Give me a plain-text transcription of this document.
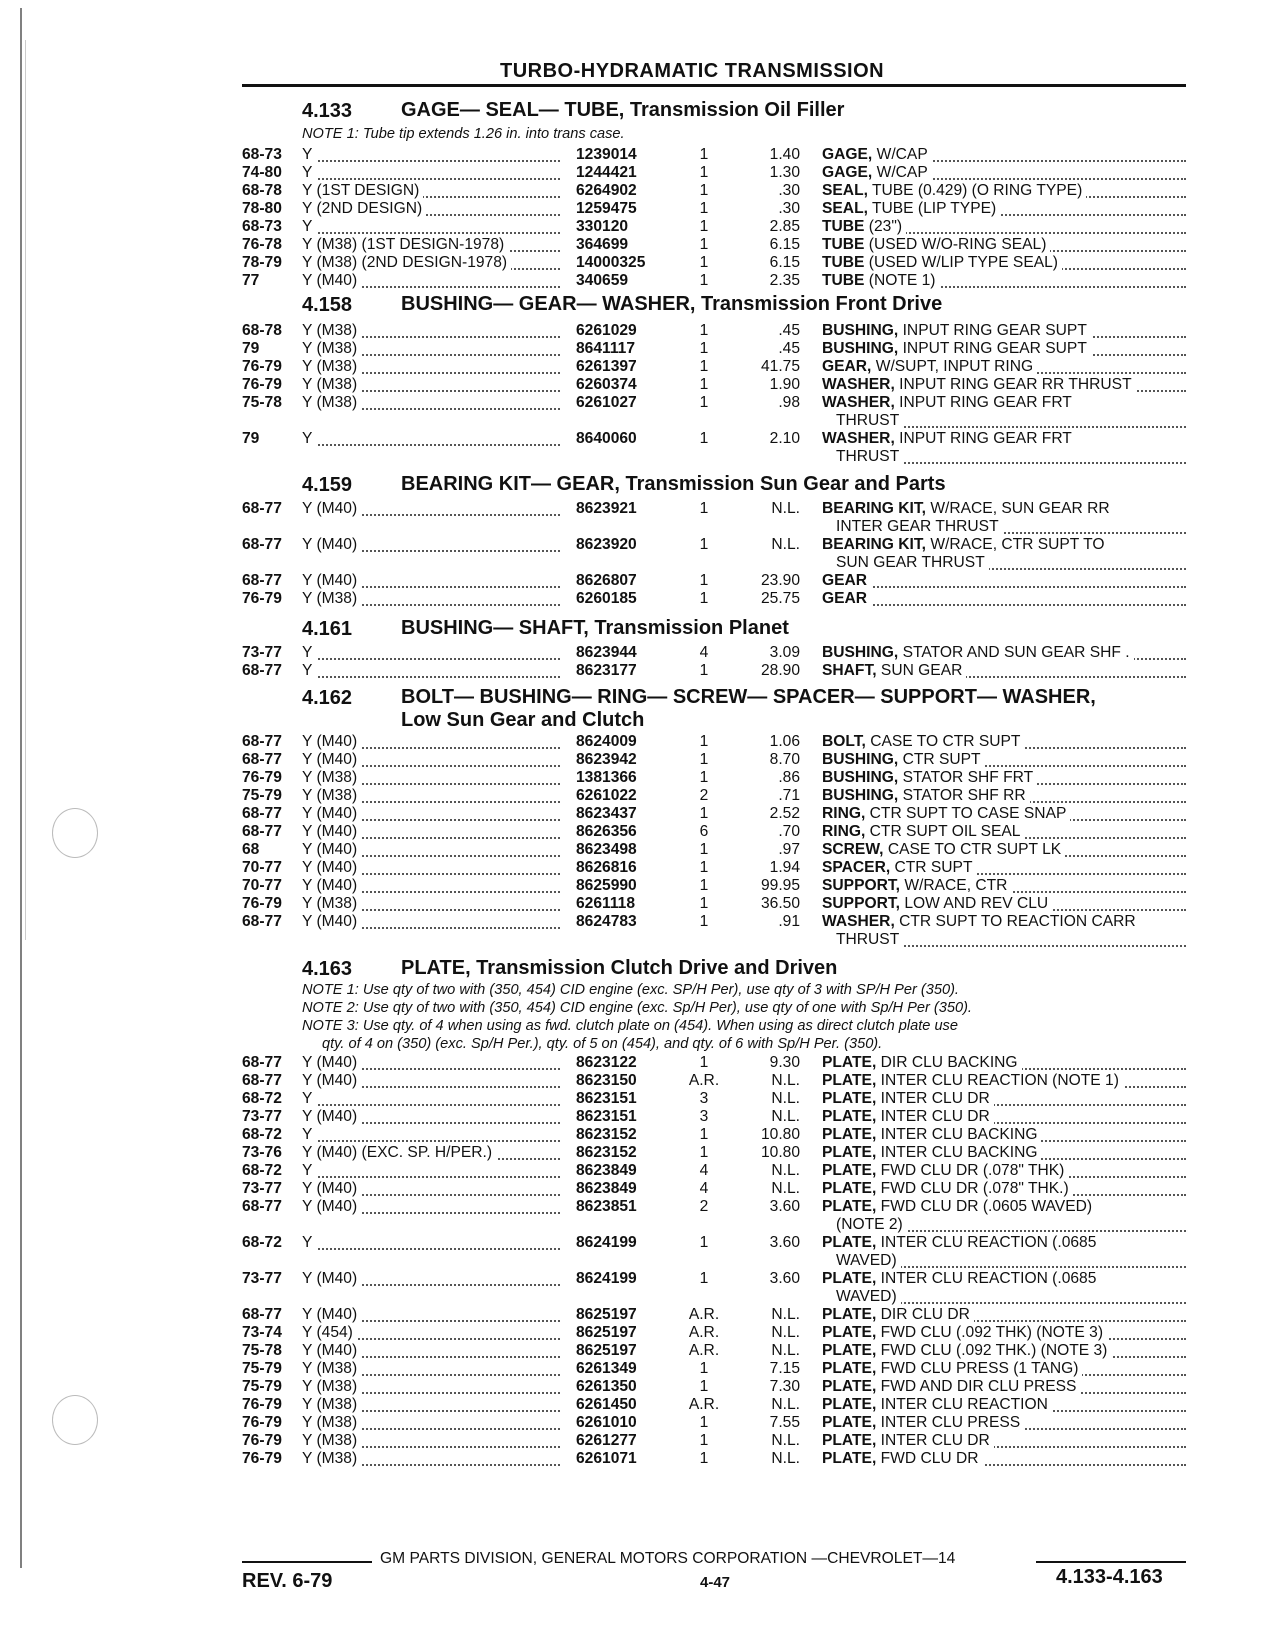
TURBO-HYDRAMATIC TRANSMISSION
4.133 GAGE— SEAL— TUBE, Transmission Oil Filler
NOTE 1: Tube tip extends 1.26 in. into trans case.
68-73 Y	1239014	1	1.40 GAGE, W/CAP
74-80 Y	1244421	1	1.30 GAGE, W/CAP
68-78 Y (1ST DESIGN)	6264902	1	.30 SEAL, TUBE (0.429) (O RING TYPE)
78-80 Y (2ND DESIGN)	1259475	1	.30 SEAL, TUBE (LIP TYPE)
68-73 Y	330120	1	2.85 TUBE (23")
76-78 Y (M38) (1ST DESIGN-1978)	364699	1	6.15 TUBE (USED W/O-RING SEAL)
78-79 Y (M38) (2ND DESIGN-1978)	14000325	1	6.15 TUBE (USED W/LIP TYPE SEAL)
77	Y (M40)	340659	1	2.35 TUBE (NOTE 1)
4.158 BUSHING— GEAR— WASHER, Transmission Front Drive
68-78 Y (M38)	6261029	1	.45 BUSHING, INPUT RING GEAR SUPT
79	Y (M38)	8641117	1	.45 BUSHING, INPUT RING GEAR SUPT
76-79 Y (M38)	6261397	1	41.75 GEAR, W/SUPT, INPUT RING
76-79 Y (M38)	6260374	1	1.90 WASHER, INPUT RING GEAR RR THRUST
75-78 Y (M38)	6261027	1	.98 WASHER, INPUT RING GEAR FRT
THRUST
79	Y	8640060	1	2.10 WASHER, INPUT RING GEAR FRT
THRUST
4.159 BEARING KIT— GEAR, Transmission Sun Gear and Parts
68-77 Y (M40)	8623921	1	N.L. BEARING KIT, W/RACE, SUN GEAR RR
INTER GEAR THRUST
68-77 Y (M40)	8623920	1	N.L. BEARING KIT, W/RACE, CTR SUPT TO
SUN GEAR THRUST
68-77 Y (M40)	8626807	1	23.90 GEAR
76-79 Y (M38)	6260185	1	25.75 GEAR
4.161 BUSHING— SHAFT, Transmission Planet
73-77 Y	8623944	4	3.09 BUSHING, STATOR AND SUN GEAR SHF .
68-77 Y	8623177	1	28.90 SHAFT, SUN GEAR
4.162 BOLT— BUSHING— RING— SCREW— SPACER— SUPPORT— WASHER,
Low Sun Gear and Clutch
68-77 Y (M40)	8624009	1	1.06 BOLT, CASE TO CTR SUPT
68-77 Y (M40)	8623942	1	8.70 BUSHING, CTR SUPT
76-79 Y (M38)	1381366	1	.86 BUSHING, STATOR SHF FRT
75-79 Y (M38)	6261022	2	.71 BUSHING, STATOR SHF RR
68-77 Y (M40)	8623437	1	2.52 RING, CTR SUPT TO CASE SNAP
68-77 Y (M40)	8626356	6	.70 RING, CTR SUPT OIL SEAL
68	Y (M40)	8623498	1	.97 SCREW, CASE TO CTR SUPT LK
70-77 Y (M40)	8626816	1	1.94 SPACER, CTR SUPT
70-77 Y (M40)	8625990	1	99.95 SUPPORT, W/RACE, CTR
76-79 Y (M38)	6261118	1	36.50 SUPPORT, LOW AND REV CLU
68-77 Y (M40)	8624783	1	.91 WASHER, CTR SUPT TO REACTION CARR
THRUST
4.163 PLATE, Transmission Clutch Drive and Driven
NOTE 1: Use qty of two with (350, 454) CID engine (exc. SP/H Per), use qty of 3 with SP/H Per (350).
NOTE 2: Use qty of two with (350, 454) CID engine (exc. Sp/H Per), use qty of one with Sp/H Per (350).
NOTE 3: Use qty. of 4 when using as fwd. clutch plate on (454). When using as direct clutch plate use
qty. of 4 on (350) (exc. Sp/H Per.), qty. of 5 on (454), and qty. of 6 with Sp/H Per. (350).
68-77 Y (M40)	8623122	1	9.30 PLATE, DIR CLU BACKING
68-77 Y (M40)	8623150	A.R.	N.L. PLATE, INTER CLU REACTION (NOTE 1)
68-72 Y	8623151	3	N.L. PLATE, INTER CLU DR
73-77 Y (M40)	8623151	3	N.L. PLATE, INTER CLU DR
68-72 Y	8623152	1	10.80 PLATE, INTER CLU BACKING
73-76 Y (M40) (EXC. SP. H/PER.)	8623152	1	10.80 PLATE, INTER CLU BACKING
68-72 Y	8623849	4	N.L. PLATE, FWD CLU DR (.078" THK)
73-77 Y (M40)	8623849	4	N.L. PLATE, FWD CLU DR (.078" THK.)
68-77 Y (M40)	8623851	2	3.60 PLATE, FWD CLU DR (.0605 WAVED)
(NOTE 2)
68-72 Y	8624199	1	3.60 PLATE, INTER CLU REACTION (.0685
WAVED)
73-77 Y (M40)	8624199	1	3.60 PLATE, INTER CLU REACTION (.0685
WAVED)
68-77 Y (M40)	8625197	A.R.	N.L. PLATE, DIR CLU DR
73-74 Y (454)	8625197	A.R.	N.L. PLATE, FWD CLU (.092 THK) (NOTE 3)
75-78 Y (M40)	8625197	A.R.	N.L. PLATE, FWD CLU (.092 THK.) (NOTE 3)
75-79 Y (M38)	6261349	1	7.15 PLATE, FWD CLU PRESS (1 TANG)
75-79 Y (M38)	6261350	1	7.30 PLATE, FWD AND DIR CLU PRESS
76-79 Y (M38)	6261450	A.R.	N.L. PLATE, INTER CLU REACTION
76-79 Y (M38)	6261010	1	7.55 PLATE, INTER CLU PRESS
76-79 Y (M38)	6261277	1	N.L. PLATE, INTER CLU DR
76-79 Y (M38)	6261071	1	N.L. PLATE, FWD CLU DR
GM PARTS DIVISION, GENERAL MOTORS CORPORATION —CHEVROLET—14
REV. 6-79	4-47	4.133-4.163
